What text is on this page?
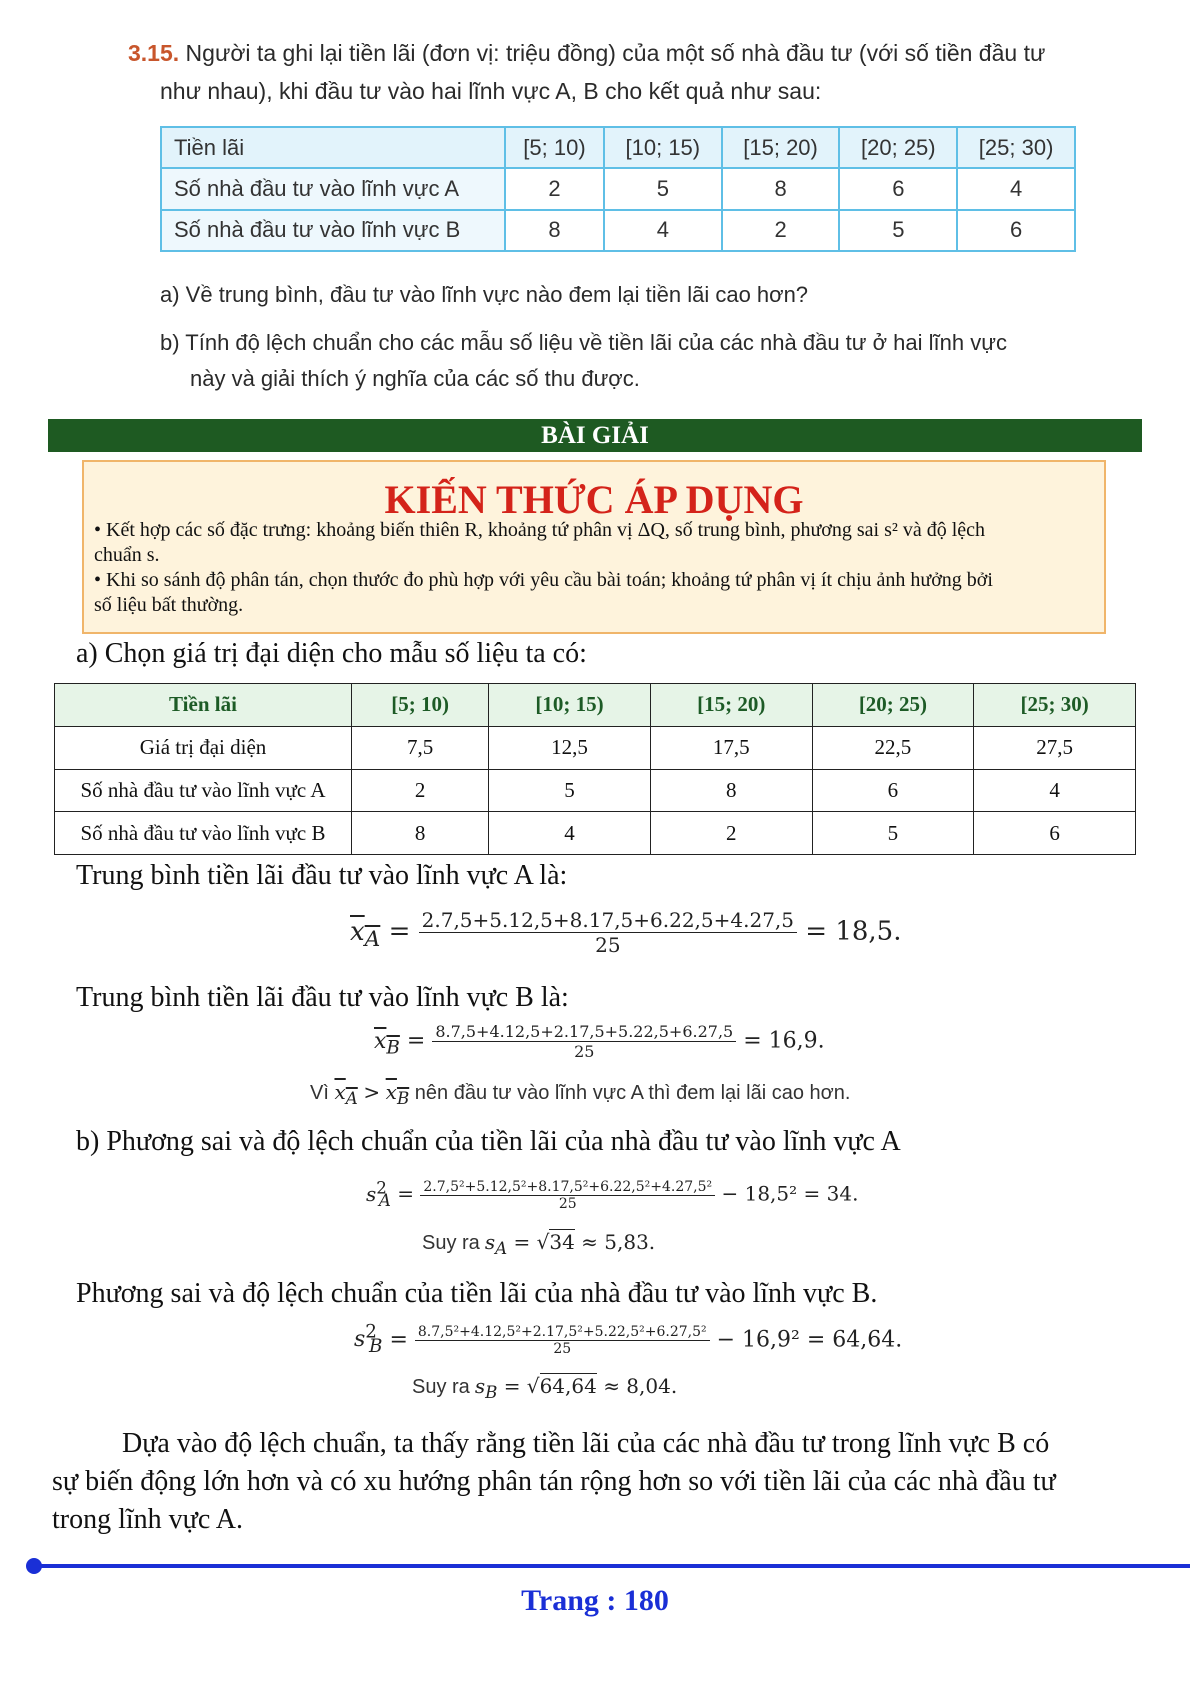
3.15. Người ta ghi lại tiền lãi (đơn vị: triệu đồng) của một số nhà đầu tư (với số tiền đầu tư
như nhau), khi đầu tư vào hai lĩnh vực A, B cho kết quả như sau:
Tiền lãi	[5; 10)	[10; 15)	[15; 20)	[20; 25)	[25; 30)
Số nhà đầu tư vào lĩnh vực A	2	5	8	6	4
Số nhà đầu tư vào lĩnh vực B	8	4	2	5	6
a) Về trung bình, đầu tư vào lĩnh vực nào đem lại tiền lãi cao hơn?
b) Tính độ lệch chuẩn cho các mẫu số liệu về tiền lãi của các nhà đầu tư ở hai lĩnh vực
này và giải thích ý nghĩa của các số thu được.
BÀI GIẢI
KIẾN THỨC ÁP DỤNG
• Kết hợp các số đặc trưng: khoảng biến thiên R, khoảng tứ phân vị ΔQ, số trung bình, phương sai s² và độ lệch
chuẩn s.
• Khi so sánh độ phân tán, chọn thước đo phù hợp với yêu cầu bài toán; khoảng tứ phân vị ít chịu ảnh hưởng bởi
số liệu bất thường.
a) Chọn giá trị đại diện cho mẫu số liệu ta có:
Tiền lãi	[5; 10)	[10; 15)	[15; 20)	[20; 25)	[25; 30)
Giá trị đại diện	7,5	12,5	17,5	22,5	27,5
Số nhà đầu tư vào lĩnh vực A	2	5	8	6	4
Số nhà đầu tư vào lĩnh vực B	8	4	2	5	6
Trung bình tiền lãi đầu tư vào lĩnh vực A là:
$x_A = \frac{2.7,5+5.12,5+8.17,5+6.22,5+4.27,5}{25} = 18,5$.
Trung bình tiền lãi đầu tư vào lĩnh vực B là:
$x_B = \frac{8.7,5+4.12,5+2.17,5+5.22,5+6.27,5}{25} = 16,9$.
Vì $x_A > x_B$ nên đầu tư vào lĩnh vực A thì đem lại lãi cao hơn.
b) Phương sai và độ lệch chuẩn của tiền lãi của nhà đầu tư vào lĩnh vực A
$s^2_A = \frac{\text{2.7,5²+5.12,5²+8.17,5²+6.22,5²+4.27,5²}}{25} - 18,5^2 = 34$.
Suy ra $s_A = √34 \approx 5,83$.
Phương sai và độ lệch chuẩn của tiền lãi của nhà đầu tư vào lĩnh vực B.
$s^2_B = \frac{\text{8.7,5²+4.12,5²+2.17,5²+5.22,5²+6.27,5²}}{25} - 16,9^2 = 64,64$.
Suy ra $s_B = √64,64 \approx 8,04$.
Dựa vào độ lệch chuẩn, ta thấy rằng tiền lãi của các nhà đầu tư trong lĩnh vực B có
sự biến động lớn hơn và có xu hướng phân tán rộng hơn so với tiền lãi của các nhà đầu tư
trong lĩnh vực A.
Trang : 180
